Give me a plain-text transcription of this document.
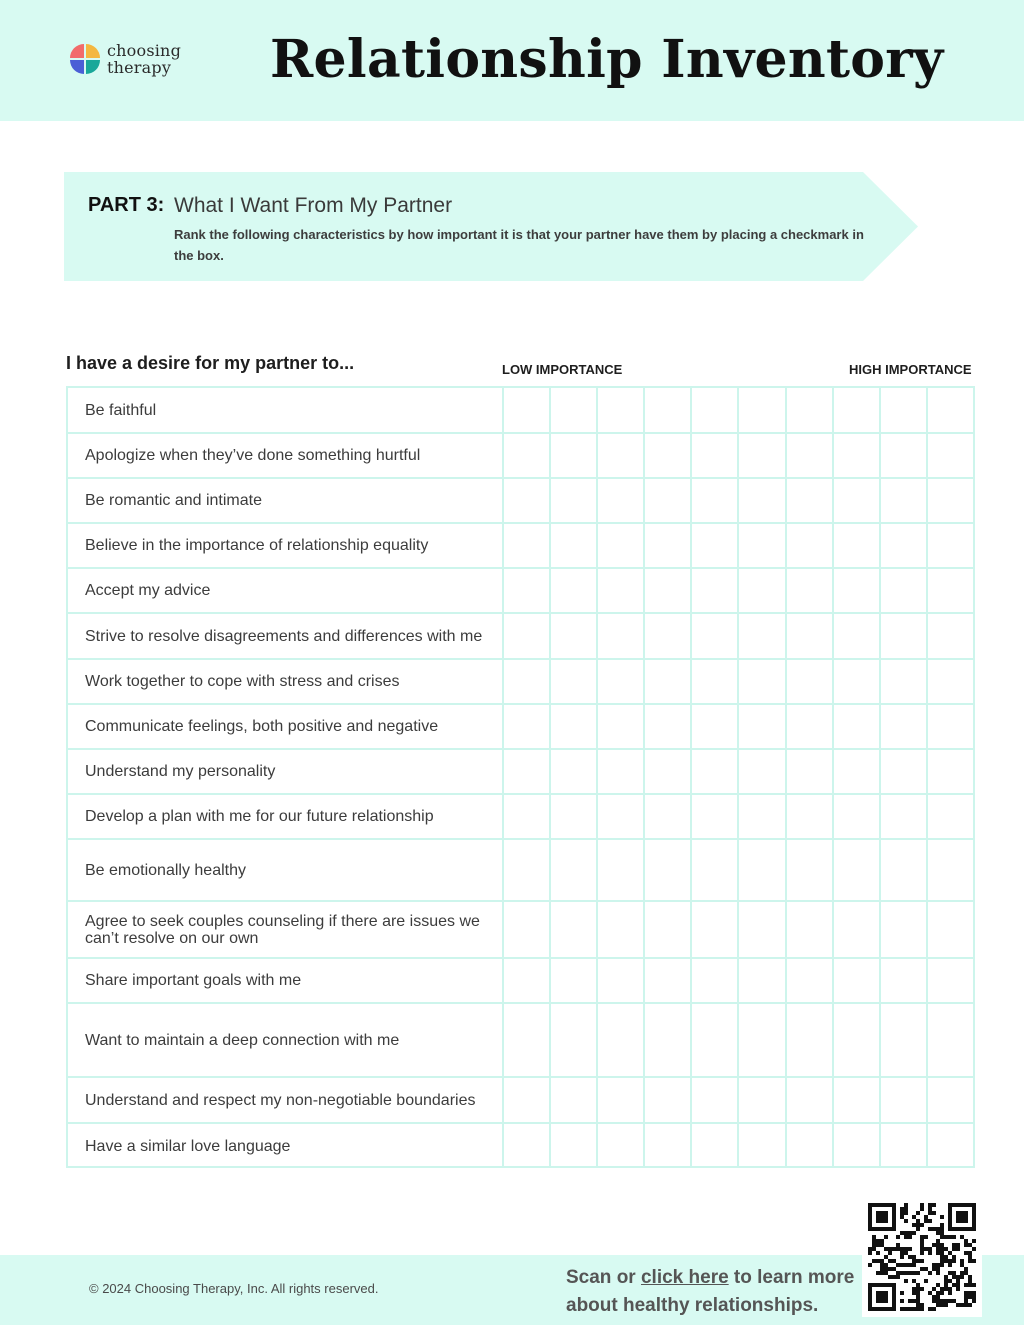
choosing
therapy Relationship Inventory
PART 3: What I Want From My Partner
Rank the following characteristics by how important it is that your partner have them by placing a checkmark in the box.
I have a desire for my partner to...	LOW IMPORTANCE	HIGH IMPORTANCE
Be faithful
Apologize when they’ve done something hurtful
Be romantic and intimate
Believe in the importance of relationship equality
Accept my advice
Strive to resolve disagreements and differences with me
Work together to cope with stress and crises
Communicate feelings, both positive and negative
Understand my personality
Develop a plan with me for our future relationship
Be emotionally healthy
Agree to seek couples counseling if there are issues we can’t resolve on our own
Share important goals with me
Want to maintain a deep connection with me
Understand and respect my non-negotiable boundaries
Have a similar love language
© 2024 Choosing Therapy, Inc. All rights reserved.
Scan or click here to learn more about healthy relationships.
